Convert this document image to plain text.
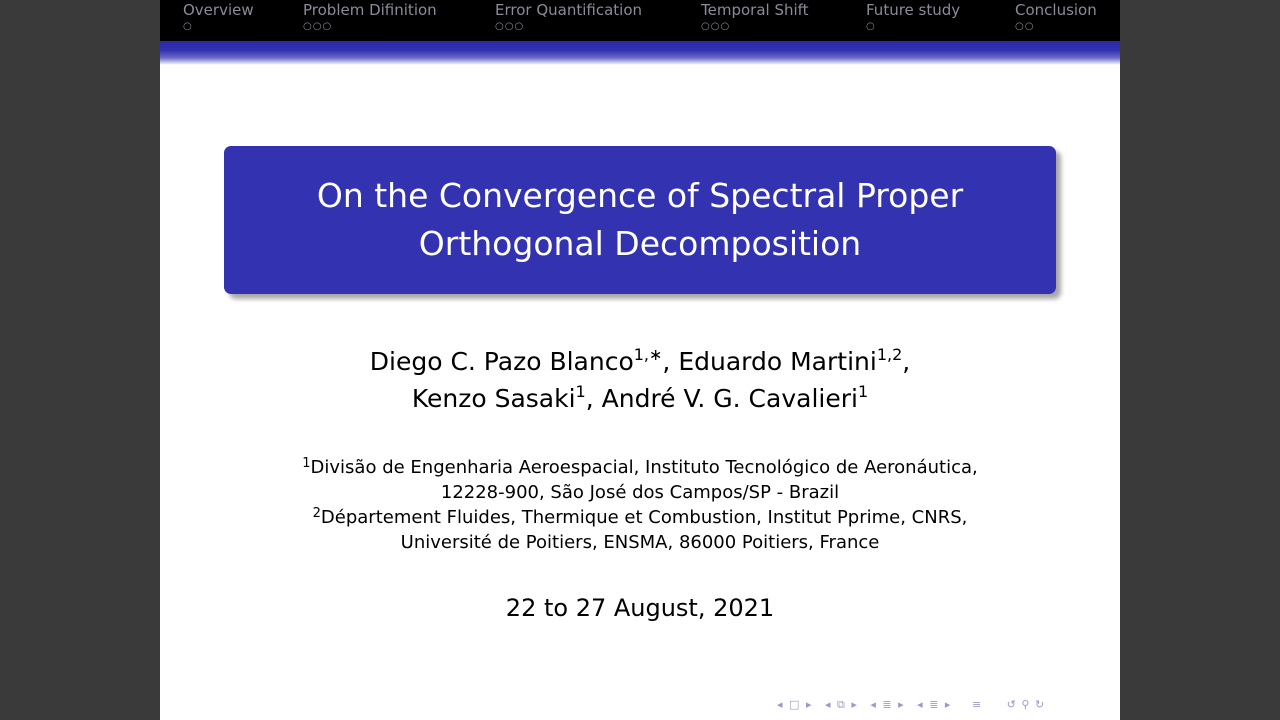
Overview
○
Problem Difinition
○○○
Error Quantification
○○○
Temporal Shift
○○○
Future study
○
Conclusion
○○
On the Convergence of Spectral Proper
Orthogonal Decomposition
Diego C. Pazo Blanco$^{1,∗}$, Eduardo Martini$^{1,2}$,
Kenzo Sasaki$^1$, André V. G. Cavalieri$^1$
$^1$Divisão de Engenharia Aeroespacial, Instituto Tecnológico de Aeronáutica,
12228-900, São José dos Campos/SP - Brazil
$^2$Département Fluides, Thermique et Combustion, Institut Pprime, CNRS,
Université de Poitiers, ENSMA, 86000 Poitiers, France
22 to 27 August, 2021
◂ □ ▸ ◂ ⧉ ▸ ◂ ≣ ▸ ◂ ≣ ▸ ≡ ↺ ⚲ ↻
